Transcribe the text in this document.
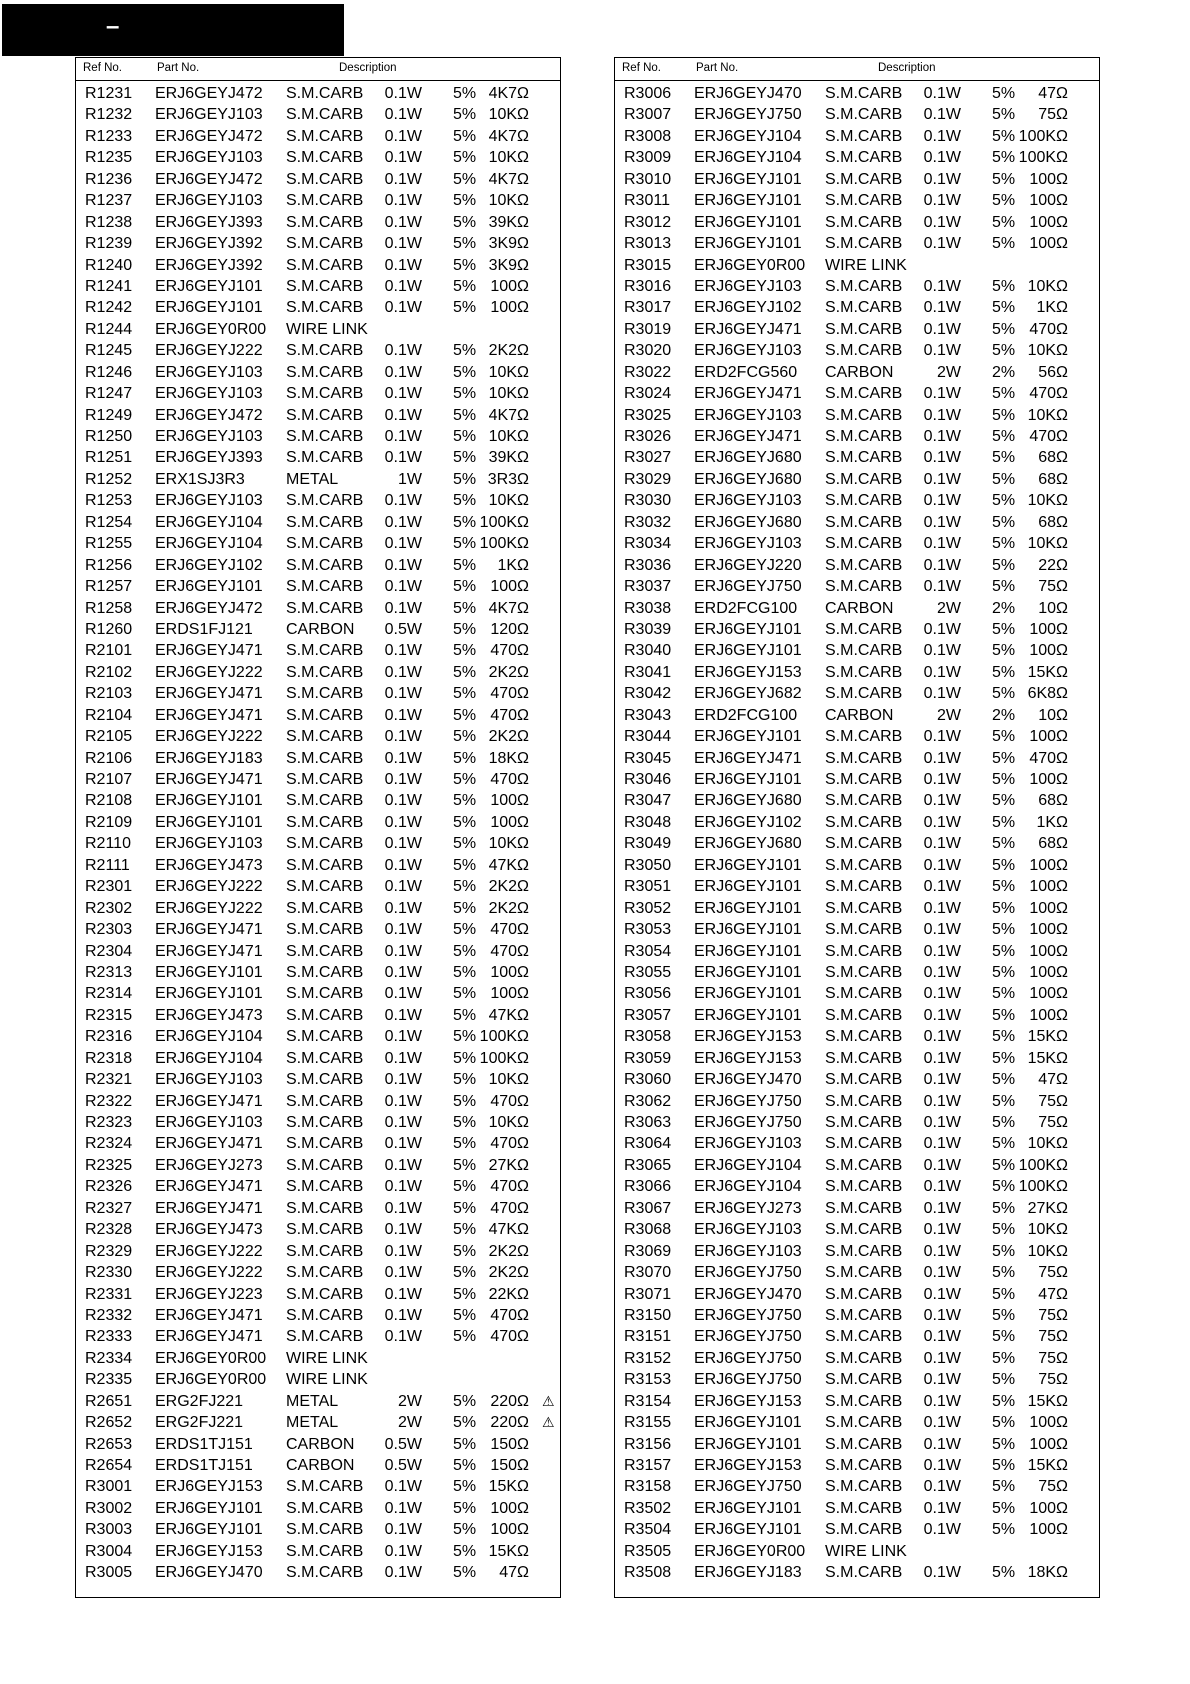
–
Ref No.	Part No.	Description
R1231 ERJ6GEYJ472 S.M.CARB	0.1W 5% 4K7Ω
R1232 ERJ6GEYJ103 S.M.CARB	0.1W 5% 10KΩ
R1233 ERJ6GEYJ472 S.M.CARB	0.1W 5% 4K7Ω
R1235 ERJ6GEYJ103 S.M.CARB	0.1W 5% 10KΩ
R1236 ERJ6GEYJ472 S.M.CARB	0.1W 5% 4K7Ω
R1237 ERJ6GEYJ103 S.M.CARB	0.1W 5% 10KΩ
R1238 ERJ6GEYJ393 S.M.CARB	0.1W 5% 39KΩ
R1239 ERJ6GEYJ392 S.M.CARB	0.1W 5% 3K9Ω
R1240 ERJ6GEYJ392 S.M.CARB	0.1W 5% 3K9Ω
R1241 ERJ6GEYJ101 S.M.CARB	0.1W 5% 100Ω
R1242 ERJ6GEYJ101 S.M.CARB	0.1W 5% 100Ω
R1244 ERJ6GEY0R00 WIRE LINK
R1245 ERJ6GEYJ222 S.M.CARB	0.1W 5% 2K2Ω
R1246 ERJ6GEYJ103 S.M.CARB	0.1W 5% 10KΩ
R1247 ERJ6GEYJ103 S.M.CARB	0.1W 5% 10KΩ
R1249 ERJ6GEYJ472 S.M.CARB	0.1W 5% 4K7Ω
R1250 ERJ6GEYJ103 S.M.CARB	0.1W 5% 10KΩ
R1251 ERJ6GEYJ393 S.M.CARB	0.1W 5% 39KΩ
R1252 ERX1SJ3R3	METAL	1W 5% 3R3Ω
R1253 ERJ6GEYJ103 S.M.CARB	0.1W 5% 10KΩ
R1254 ERJ6GEYJ104 S.M.CARB	0.1W 5% 100KΩ
R1255 ERJ6GEYJ104 S.M.CARB	0.1W 5% 100KΩ
R1256 ERJ6GEYJ102 S.M.CARB	0.1W 5%	1KΩ
R1257 ERJ6GEYJ101 S.M.CARB	0.1W 5% 100Ω
R1258 ERJ6GEYJ472 S.M.CARB	0.1W 5% 4K7Ω
R1260 ERDS1FJ121 CARBON	0.5W 5% 120Ω
R2101 ERJ6GEYJ471 S.M.CARB	0.1W 5% 470Ω
R2102 ERJ6GEYJ222 S.M.CARB	0.1W 5% 2K2Ω
R2103 ERJ6GEYJ471 S.M.CARB	0.1W 5% 470Ω
R2104 ERJ6GEYJ471 S.M.CARB	0.1W 5% 470Ω
R2105 ERJ6GEYJ222 S.M.CARB	0.1W 5% 2K2Ω
R2106 ERJ6GEYJ183 S.M.CARB	0.1W 5% 18KΩ
R2107 ERJ6GEYJ471 S.M.CARB	0.1W 5% 470Ω
R2108 ERJ6GEYJ101 S.M.CARB	0.1W 5% 100Ω
R2109 ERJ6GEYJ101 S.M.CARB	0.1W 5% 100Ω
R2110 ERJ6GEYJ103 S.M.CARB	0.1W 5% 10KΩ
R2111 ERJ6GEYJ473 S.M.CARB	0.1W 5% 47KΩ
R2301 ERJ6GEYJ222 S.M.CARB	0.1W 5% 2K2Ω
R2302 ERJ6GEYJ222 S.M.CARB	0.1W 5% 2K2Ω
R2303 ERJ6GEYJ471 S.M.CARB	0.1W 5% 470Ω
R2304 ERJ6GEYJ471 S.M.CARB	0.1W 5% 470Ω
R2313 ERJ6GEYJ101 S.M.CARB	0.1W 5% 100Ω
R2314 ERJ6GEYJ101 S.M.CARB	0.1W 5% 100Ω
R2315 ERJ6GEYJ473 S.M.CARB	0.1W 5% 47KΩ
R2316 ERJ6GEYJ104 S.M.CARB	0.1W 5% 100KΩ
R2318 ERJ6GEYJ104 S.M.CARB	0.1W 5% 100KΩ
R2321 ERJ6GEYJ103 S.M.CARB	0.1W 5% 10KΩ
R2322 ERJ6GEYJ471 S.M.CARB	0.1W 5% 470Ω
R2323 ERJ6GEYJ103 S.M.CARB	0.1W 5% 10KΩ
R2324 ERJ6GEYJ471 S.M.CARB	0.1W 5% 470Ω
R2325 ERJ6GEYJ273 S.M.CARB	0.1W 5% 27KΩ
R2326 ERJ6GEYJ471 S.M.CARB	0.1W 5% 470Ω
R2327 ERJ6GEYJ471 S.M.CARB	0.1W 5% 470Ω
R2328 ERJ6GEYJ473 S.M.CARB	0.1W 5% 47KΩ
R2329 ERJ6GEYJ222 S.M.CARB	0.1W 5% 2K2Ω
R2330 ERJ6GEYJ222 S.M.CARB	0.1W 5% 2K2Ω
R2331 ERJ6GEYJ223 S.M.CARB	0.1W 5% 22KΩ
R2332 ERJ6GEYJ471 S.M.CARB	0.1W 5% 470Ω
R2333 ERJ6GEYJ471 S.M.CARB	0.1W 5% 470Ω
R2334 ERJ6GEY0R00 WIRE LINK
R2335 ERJ6GEY0R00 WIRE LINK
R2651 ERG2FJ221	METAL	2W 5% 220Ω ⚠
R2652 ERG2FJ221	METAL	2W 5% 220Ω ⚠
R2653 ERDS1TJ151 CARBON	0.5W 5% 150Ω
R2654 ERDS1TJ151 CARBON	0.5W 5% 150Ω
R3001 ERJ6GEYJ153 S.M.CARB	0.1W 5% 15KΩ
R3002 ERJ6GEYJ101 S.M.CARB	0.1W 5% 100Ω
R3003 ERJ6GEYJ101 S.M.CARB	0.1W 5% 100Ω
R3004 ERJ6GEYJ153 S.M.CARB	0.1W 5% 15KΩ
R3005 ERJ6GEYJ470 S.M.CARB	0.1W 5%	47Ω
Ref No.	Part No.	Description
R3006 ERJ6GEYJ470 S.M.CARB	0.1W 5%	47Ω
R3007 ERJ6GEYJ750 S.M.CARB	0.1W 5%	75Ω
R3008 ERJ6GEYJ104 S.M.CARB	0.1W 5% 100KΩ
R3009 ERJ6GEYJ104 S.M.CARB	0.1W 5% 100KΩ
R3010 ERJ6GEYJ101 S.M.CARB	0.1W 5% 100Ω
R3011 ERJ6GEYJ101 S.M.CARB	0.1W 5% 100Ω
R3012 ERJ6GEYJ101 S.M.CARB	0.1W 5% 100Ω
R3013 ERJ6GEYJ101 S.M.CARB	0.1W 5% 100Ω
R3015 ERJ6GEY0R00 WIRE LINK
R3016 ERJ6GEYJ103 S.M.CARB	0.1W 5% 10KΩ
R3017 ERJ6GEYJ102 S.M.CARB	0.1W 5%	1KΩ
R3019 ERJ6GEYJ471 S.M.CARB	0.1W 5% 470Ω
R3020 ERJ6GEYJ103 S.M.CARB	0.1W 5% 10KΩ
R3022 ERD2FCG560 CARBON	2W 2%	56Ω
R3024 ERJ6GEYJ471 S.M.CARB	0.1W 5% 470Ω
R3025 ERJ6GEYJ103 S.M.CARB	0.1W 5% 10KΩ
R3026 ERJ6GEYJ471 S.M.CARB	0.1W 5% 470Ω
R3027 ERJ6GEYJ680 S.M.CARB	0.1W 5%	68Ω
R3029 ERJ6GEYJ680 S.M.CARB	0.1W 5%	68Ω
R3030 ERJ6GEYJ103 S.M.CARB	0.1W 5% 10KΩ
R3032 ERJ6GEYJ680 S.M.CARB	0.1W 5%	68Ω
R3034 ERJ6GEYJ103 S.M.CARB	0.1W 5% 10KΩ
R3036 ERJ6GEYJ220 S.M.CARB	0.1W 5%	22Ω
R3037 ERJ6GEYJ750 S.M.CARB	0.1W 5%	75Ω
R3038 ERD2FCG100 CARBON	2W 2%	10Ω
R3039 ERJ6GEYJ101 S.M.CARB	0.1W 5% 100Ω
R3040 ERJ6GEYJ101 S.M.CARB	0.1W 5% 100Ω
R3041 ERJ6GEYJ153 S.M.CARB	0.1W 5% 15KΩ
R3042 ERJ6GEYJ682 S.M.CARB	0.1W 5% 6K8Ω
R3043 ERD2FCG100 CARBON	2W 2%	10Ω
R3044 ERJ6GEYJ101 S.M.CARB	0.1W 5% 100Ω
R3045 ERJ6GEYJ471 S.M.CARB	0.1W 5% 470Ω
R3046 ERJ6GEYJ101 S.M.CARB	0.1W 5% 100Ω
R3047 ERJ6GEYJ680 S.M.CARB	0.1W 5%	68Ω
R3048 ERJ6GEYJ102 S.M.CARB	0.1W 5%	1KΩ
R3049 ERJ6GEYJ680 S.M.CARB	0.1W 5%	68Ω
R3050 ERJ6GEYJ101 S.M.CARB	0.1W 5% 100Ω
R3051 ERJ6GEYJ101 S.M.CARB	0.1W 5% 100Ω
R3052 ERJ6GEYJ101 S.M.CARB	0.1W 5% 100Ω
R3053 ERJ6GEYJ101 S.M.CARB	0.1W 5% 100Ω
R3054 ERJ6GEYJ101 S.M.CARB	0.1W 5% 100Ω
R3055 ERJ6GEYJ101 S.M.CARB	0.1W 5% 100Ω
R3056 ERJ6GEYJ101 S.M.CARB	0.1W 5% 100Ω
R3057 ERJ6GEYJ101 S.M.CARB	0.1W 5% 100Ω
R3058 ERJ6GEYJ153 S.M.CARB	0.1W 5% 15KΩ
R3059 ERJ6GEYJ153 S.M.CARB	0.1W 5% 15KΩ
R3060 ERJ6GEYJ470 S.M.CARB	0.1W 5%	47Ω
R3062 ERJ6GEYJ750 S.M.CARB	0.1W 5%	75Ω
R3063 ERJ6GEYJ750 S.M.CARB	0.1W 5%	75Ω
R3064 ERJ6GEYJ103 S.M.CARB	0.1W 5% 10KΩ
R3065 ERJ6GEYJ104 S.M.CARB	0.1W 5% 100KΩ
R3066 ERJ6GEYJ104 S.M.CARB	0.1W 5% 100KΩ
R3067 ERJ6GEYJ273 S.M.CARB	0.1W 5% 27KΩ
R3068 ERJ6GEYJ103 S.M.CARB	0.1W 5% 10KΩ
R3069 ERJ6GEYJ103 S.M.CARB	0.1W 5% 10KΩ
R3070 ERJ6GEYJ750 S.M.CARB	0.1W 5%	75Ω
R3071 ERJ6GEYJ470 S.M.CARB	0.1W 5%	47Ω
R3150 ERJ6GEYJ750 S.M.CARB	0.1W 5%	75Ω
R3151 ERJ6GEYJ750 S.M.CARB	0.1W 5%	75Ω
R3152 ERJ6GEYJ750 S.M.CARB	0.1W 5%	75Ω
R3153 ERJ6GEYJ750 S.M.CARB	0.1W 5%	75Ω
R3154 ERJ6GEYJ153 S.M.CARB	0.1W 5% 15KΩ
R3155 ERJ6GEYJ101 S.M.CARB	0.1W 5% 100Ω
R3156 ERJ6GEYJ101 S.M.CARB	0.1W 5% 100Ω
R3157 ERJ6GEYJ153 S.M.CARB	0.1W 5% 15KΩ
R3158 ERJ6GEYJ750 S.M.CARB	0.1W 5%	75Ω
R3502 ERJ6GEYJ101 S.M.CARB	0.1W 5% 100Ω
R3504 ERJ6GEYJ101 S.M.CARB	0.1W 5% 100Ω
R3505 ERJ6GEY0R00 WIRE LINK
R3508 ERJ6GEYJ183 S.M.CARB	0.1W 5% 18KΩ
